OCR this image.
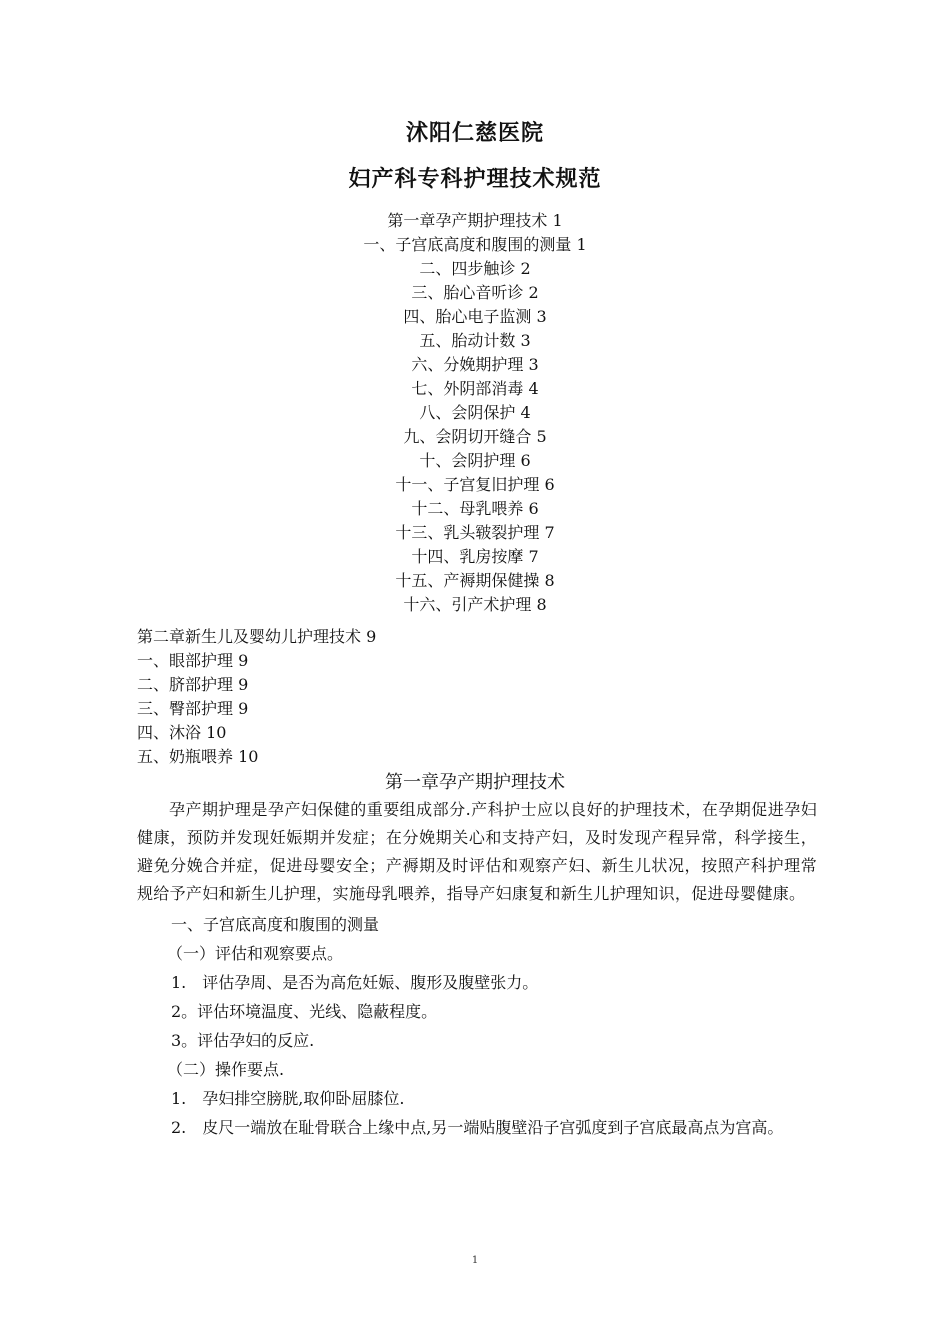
沭阳仁慈医院
妇产科专科护理技术规范
第一章孕产期护理技术 1
一、子宫底高度和腹围的测量 1
二、四步触诊 2
三、胎心音听诊 2
四、胎心电子监测 3
五、胎动计数 3
六、分娩期护理 3
七、外阴部消毒 4
八、会阴保护 4
九、会阴切开缝合 5
十、会阴护理 6
十一、子宫复旧护理 6
十二、母乳喂养 6
十三、乳头皲裂护理 7
十四、乳房按摩 7
十五、产褥期保健操 8
十六、引产术护理 8
第二章新生儿及婴幼儿护理技术 9
一、眼部护理 9
二、脐部护理 9
三、臀部护理 9
四、沐浴 10
五、奶瓶喂养 10
第一章孕产期护理技术

孕产期护理是孕产妇保健的重要组成部分.产科护士应以良好的护理技术，在孕期促进孕妇健康，预防并发现妊娠期并发症；在分娩期关心和支持产妇，及时发现产程异常，科学接生，避免分娩合并症，促进母婴安全；产褥期及时评估和观察产妇、新生儿状况，按照产科护理常规给予产妇和新生儿护理，实施母乳喂养，指导产妇康复和新生儿护理知识，促进母婴健康。

一、子宫底高度和腹围的测量

（一）评估和观察要点。

1.　评估孕周、是否为高危妊娠、腹形及腹壁张力。

2。评估环境温度、光线、隐蔽程度。

3。评估孕妇的反应.

（二）操作要点.

1.　孕妇排空膀胱,取仰卧屈膝位.

2.　皮尺一端放在耻骨联合上缘中点,另一端贴腹壁沿子宫弧度到子宫底最高点为宫高。

1
